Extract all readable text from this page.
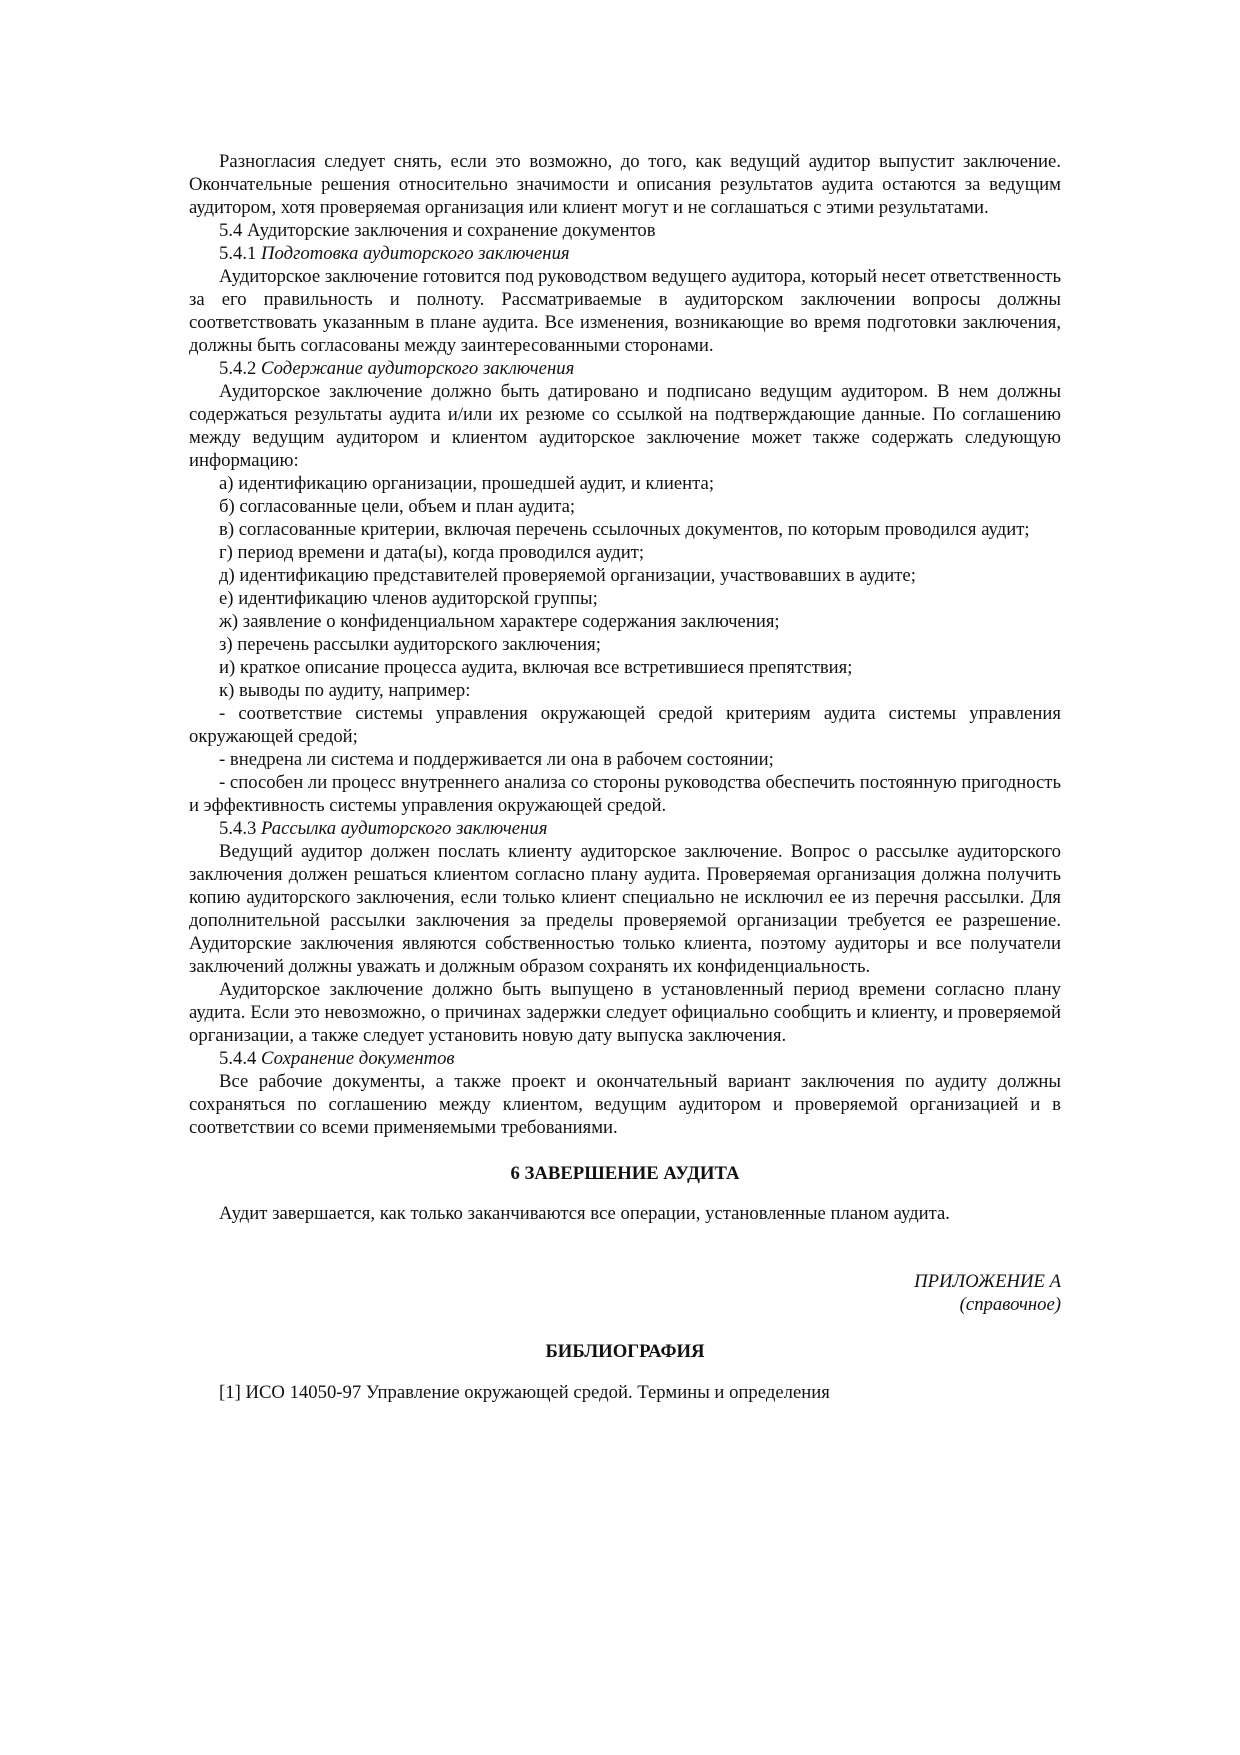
Разногласия следует снять, если это возможно, до того, как ведущий аудитор выпустит заключение. Окончательные решения относительно значимости и описания результатов аудита остаются за ведущим аудитором, хотя проверяемая организация или клиент могут и не соглашаться с этими результатами.

5.4 Аудиторские заключения и сохранение документов

5.4.1 Подготовка аудиторского заключения

Аудиторское заключение готовится под руководством ведущего аудитора, который несет ответственность за его правильность и полноту. Рассматриваемые в аудиторском заключении вопросы должны соответствовать указанным в плане аудита. Все изменения, возникающие во время подготовки заключения, должны быть согласованы между заинтересованными сторонами.

5.4.2 Содержание аудиторского заключения

Аудиторское заключение должно быть датировано и подписано ведущим аудитором. В нем должны содержаться результаты аудита и/или их резюме со ссылкой на подтверждающие данные. По соглашению между ведущим аудитором и клиентом аудиторское заключение может также содержать следующую информацию:

а) идентификацию организации, прошедшей аудит, и клиента;

б) согласованные цели, объем и план аудита;

в) согласованные критерии, включая перечень ссылочных документов, по которым проводился аудит;

г) период времени и дата(ы), когда проводился аудит;

д) идентификацию представителей проверяемой организации, участвовавших в аудите;

е) идентификацию членов аудиторской группы;

ж) заявление о конфиденциальном характере содержания заключения;

з) перечень рассылки аудиторского заключения;

и) краткое описание процесса аудита, включая все встретившиеся препятствия;

к) выводы по аудиту, например:

- соответствие системы управления окружающей средой критериям аудита системы управления окружающей средой;

- внедрена ли система и поддерживается ли она в рабочем состоянии;

- способен ли процесс внутреннего анализа со стороны руководства обеспечить постоянную пригодность и эффективность системы управления окружающей средой.

5.4.3 Рассылка аудиторского заключения

Ведущий аудитор должен послать клиенту аудиторское заключение. Вопрос о рассылке аудиторского заключения должен решаться клиентом согласно плану аудита. Проверяемая организация должна получить копию аудиторского заключения, если только клиент специально не исключил ее из перечня рассылки. Для дополнительной рассылки заключения за пределы проверяемой организации требуется ее разрешение. Аудиторские заключения являются собственностью только клиента, поэтому аудиторы и все получатели заключений должны уважать и должным образом сохранять их конфиденциальность.

Аудиторское заключение должно быть выпущено в установленный период времени согласно плану аудита. Если это невозможно, о причинах задержки следует официально сообщить и клиенту, и проверяемой организации, а также следует установить новую дату выпуска заключения.

5.4.4 Сохранение документов

Все рабочие документы, а также проект и окончательный вариант заключения по аудиту должны сохраняться по соглашению между клиентом, ведущим аудитором и проверяемой организацией и в соответствии со всеми применяемыми требованиями.

6 ЗАВЕРШЕНИЕ АУДИТА

Аудит завершается, как только заканчиваются все операции, установленные планом аудита.

ПРИЛОЖЕНИЕ А

(справочное)

БИБЛИОГРАФИЯ

[1] ИСО 14050-97 Управление окружающей средой. Термины и определения
